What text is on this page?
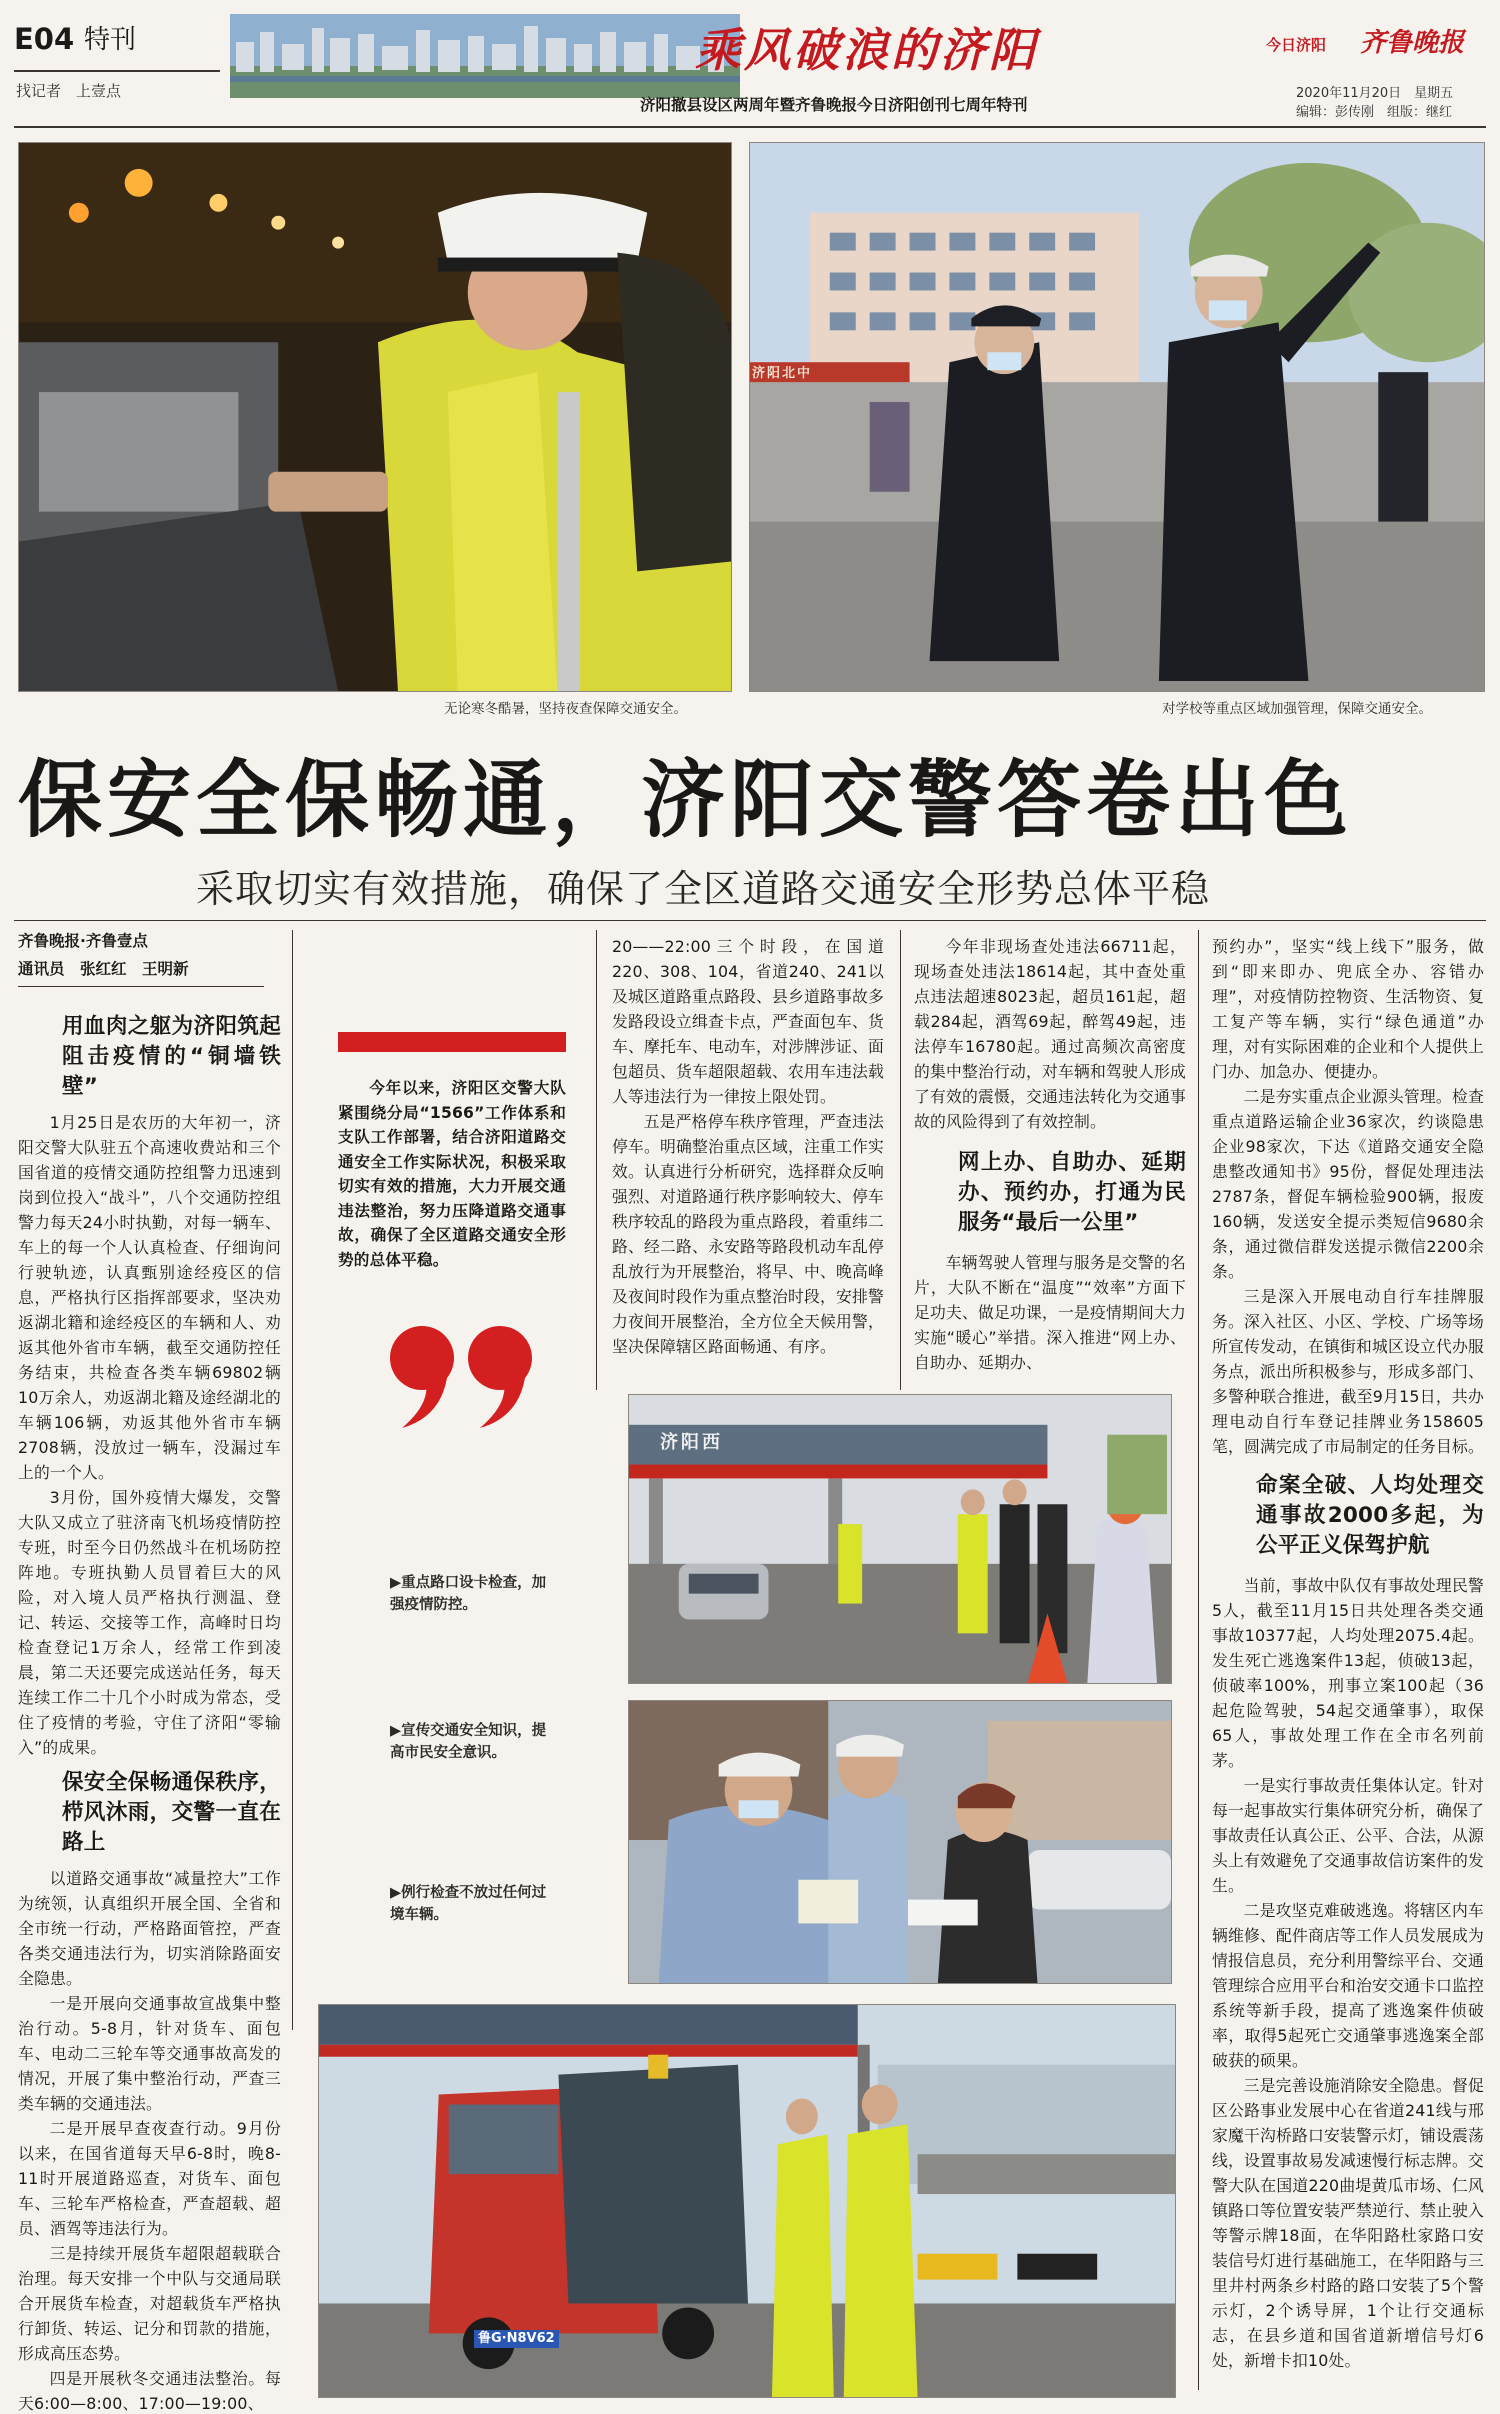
E04 特刊
找记者　上壹点
乘风破浪的济阳	今日济阳 齐鲁晚报
济阳撤县设区两周年暨齐鲁晚报今日济阳创刊七周年特刊
2020年11月20日　星期五
编辑：彭传刚　组版：继红
无论寒冬酷暑，坚持夜查保障交通安全。
济阳北中
对学校等重点区域加强管理，保障交通安全。
保安全保畅通，济阳交警答卷出色
采取切实有效措施，确保了全区道路交通安全形势总体平稳
齐鲁晚报·齐鲁壹点
通讯员　张红红　王明新

用血肉之躯为济阳筑起阻击疫情的“铜墙铁壁”

1月25日是农历的大年初一，济阳交警大队驻五个高速收费站和三个国省道的疫情交通防控组警力迅速到岗到位投入“战斗”，八个交通防控组警力每天24小时执勤，对每一辆车、车上的每一个人认真检查、仔细询问行驶轨迹，认真甄别途经疫区的信息，严格执行区指挥部要求，坚决劝返湖北籍和途经疫区的车辆和人、劝返其他外省市车辆，截至交通防控任务结束，共检查各类车辆69802辆10万余人，劝返湖北籍及途经湖北的车辆106辆，劝返其他外省市车辆2708辆，没放过一辆车，没漏过车上的一个人。

3月份，国外疫情大爆发，交警大队又成立了驻济南飞机场疫情防控专班，时至今日仍然战斗在机场防控阵地。专班执勤人员冒着巨大的风险，对入境人员严格执行测温、登记、转运、交接等工作，高峰时日均检查登记1万余人，经常工作到凌晨，第二天还要完成送站任务，每天连续工作二十几个小时成为常态，受住了疫情的考验，守住了济阳“零输入”的成果。

保安全保畅通保秩序，栉风沐雨，交警一直在路上

以道路交通事故“减量控大”工作为统领，认真组织开展全国、全省和全市统一行动，严格路面管控，严查各类交通违法行为，切实消除路面安全隐患。

一是开展向交通事故宣战集中整治行动。5-8月，针对货车、面包车、电动二三轮车等交通事故高发的情况，开展了集中整治行动，严查三类车辆的交通违法。

二是开展早查夜查行动。9月份以来，在国省道每天早6-8时，晚8-11时开展道路巡查，对货车、面包车、三轮车严格检查，严查超载、超员、酒驾等违法行为。

三是持续开展货车超限超载联合治理。每天安排一个中队与交通局联合开展货车检查，对超载货车严格执行卸货、转运、记分和罚款的措施，形成高压态势。

四是开展秋冬交通违法整治。每天6:00—8:00、17:00—19:00、

今年以来，济阳区交警大队紧围绕分局“1566”工作体系和支队工作部署，结合济阳道路交通安全工作实际状况，积极采取切实有效的措施，大力开展交通违法整治，努力压降道路交通事故，确保了全区道路交通安全形势的总体平稳。
▶重点路口设卡检查，加强疫情防控。
▶宣传交通安全知识，提高市民安全意识。
▶例行检查不放过任何过境车辆。

20——22:00三个时段，在国道220、308、104，省道240、241以及城区道路重点路段、县乡道路事故多发路段设立缉查卡点，严查面包车、货车、摩托车、电动车，对涉牌涉证、面包超员、货车超限超载、农用车违法载人等违法行为一律按上限处罚。

五是严格停车秩序管理，严查违法停车。明确整治重点区域，注重工作实效。认真进行分析研究，选择群众反响强烈、对道路通行秩序影响较大、停车秩序较乱的路段为重点路段，着重纬二路、经二路、永安路等路段机动车乱停乱放行为开展整治，将早、中、晚高峰及夜间时段作为重点整治时段，安排警力夜间开展整治，全方位全天候用警，坚决保障辖区路面畅通、有序。

今年非现场查处违法66711起，现场查处违法18614起，其中查处重点违法超速8023起，超员161起，超载284起，酒驾69起，醉驾49起，违法停车16780起。通过高频次高密度的集中整治行动，对车辆和驾驶人形成了有效的震慑，交通违法转化为交通事故的风险得到了有效控制。

网上办、自助办、延期办、预约办，打通为民服务“最后一公里”

车辆驾驶人管理与服务是交警的名片，大队不断在“温度”“效率”方面下足功夫、做足功课，一是疫情期间大力实施“暖心”举措。深入推进“网上办、自助办、延期办、

预约办”，坚实“线上线下”服务，做到“即来即办、兜底全办、容错办理”，对疫情防控物资、生活物资、复工复产等车辆，实行“绿色通道”办理，对有实际困难的企业和个人提供上门办、加急办、便捷办。

二是夯实重点企业源头管理。检查重点道路运输企业36家次，约谈隐患企业98家次，下达《道路交通安全隐患整改通知书》95份，督促处理违法2787条，督促车辆检验900辆，报废160辆，发送安全提示类短信9680余条，通过微信群发送提示微信2200余条。

三是深入开展电动自行车挂牌服务。深入社区、小区、学校、广场等场所宣传发动，在镇街和城区设立代办服务点，派出所积极参与，形成多部门、多警种联合推进，截至9月15日，共办理电动自行车登记挂牌业务158605笔，圆满完成了市局制定的任务目标。

命案全破、人均处理交通事故2000多起，为公平正义保驾护航

当前，事故中队仅有事故处理民警5人，截至11月15日共处理各类交通事故10377起，人均处理2075.4起。发生死亡逃逸案件13起，侦破13起，侦破率100%，刑事立案100起（36起危险驾驶，54起交通肇事），取保65人，事故处理工作在全市名列前茅。

一是实行事故责任集体认定。针对每一起事故实行集体研究分析，确保了事故责任认真公正、公平、合法，从源头上有效避免了交通事故信访案件的发生。

二是攻坚克难破逃逸。将辖区内车辆维修、配件商店等工作人员发展成为情报信息员，充分利用警综平台、交通管理综合应用平台和治安交通卡口监控系统等新手段，提高了逃逸案件侦破率，取得5起死亡交通肇事逃逸案全部破获的硕果。

三是完善设施消除安全隐患。督促区公路事业发展中心在省道241线与邢家魔干沟桥路口安装警示灯，铺设震荡线，设置事故易发减速慢行标志牌。交警大队在国道220曲堤黄瓜市场、仁风镇路口等位置安装严禁逆行、禁止驶入等警示牌18面，在华阳路杜家路口安装信号灯进行基础施工，在华阳路与三里井村两条乡村路的路口安装了5个警示灯，2个诱导屏，1个让行交通标志，在县乡道和国省道新增信号灯6处，新增卡扣10处。

济阳西
鲁G·N8V62
